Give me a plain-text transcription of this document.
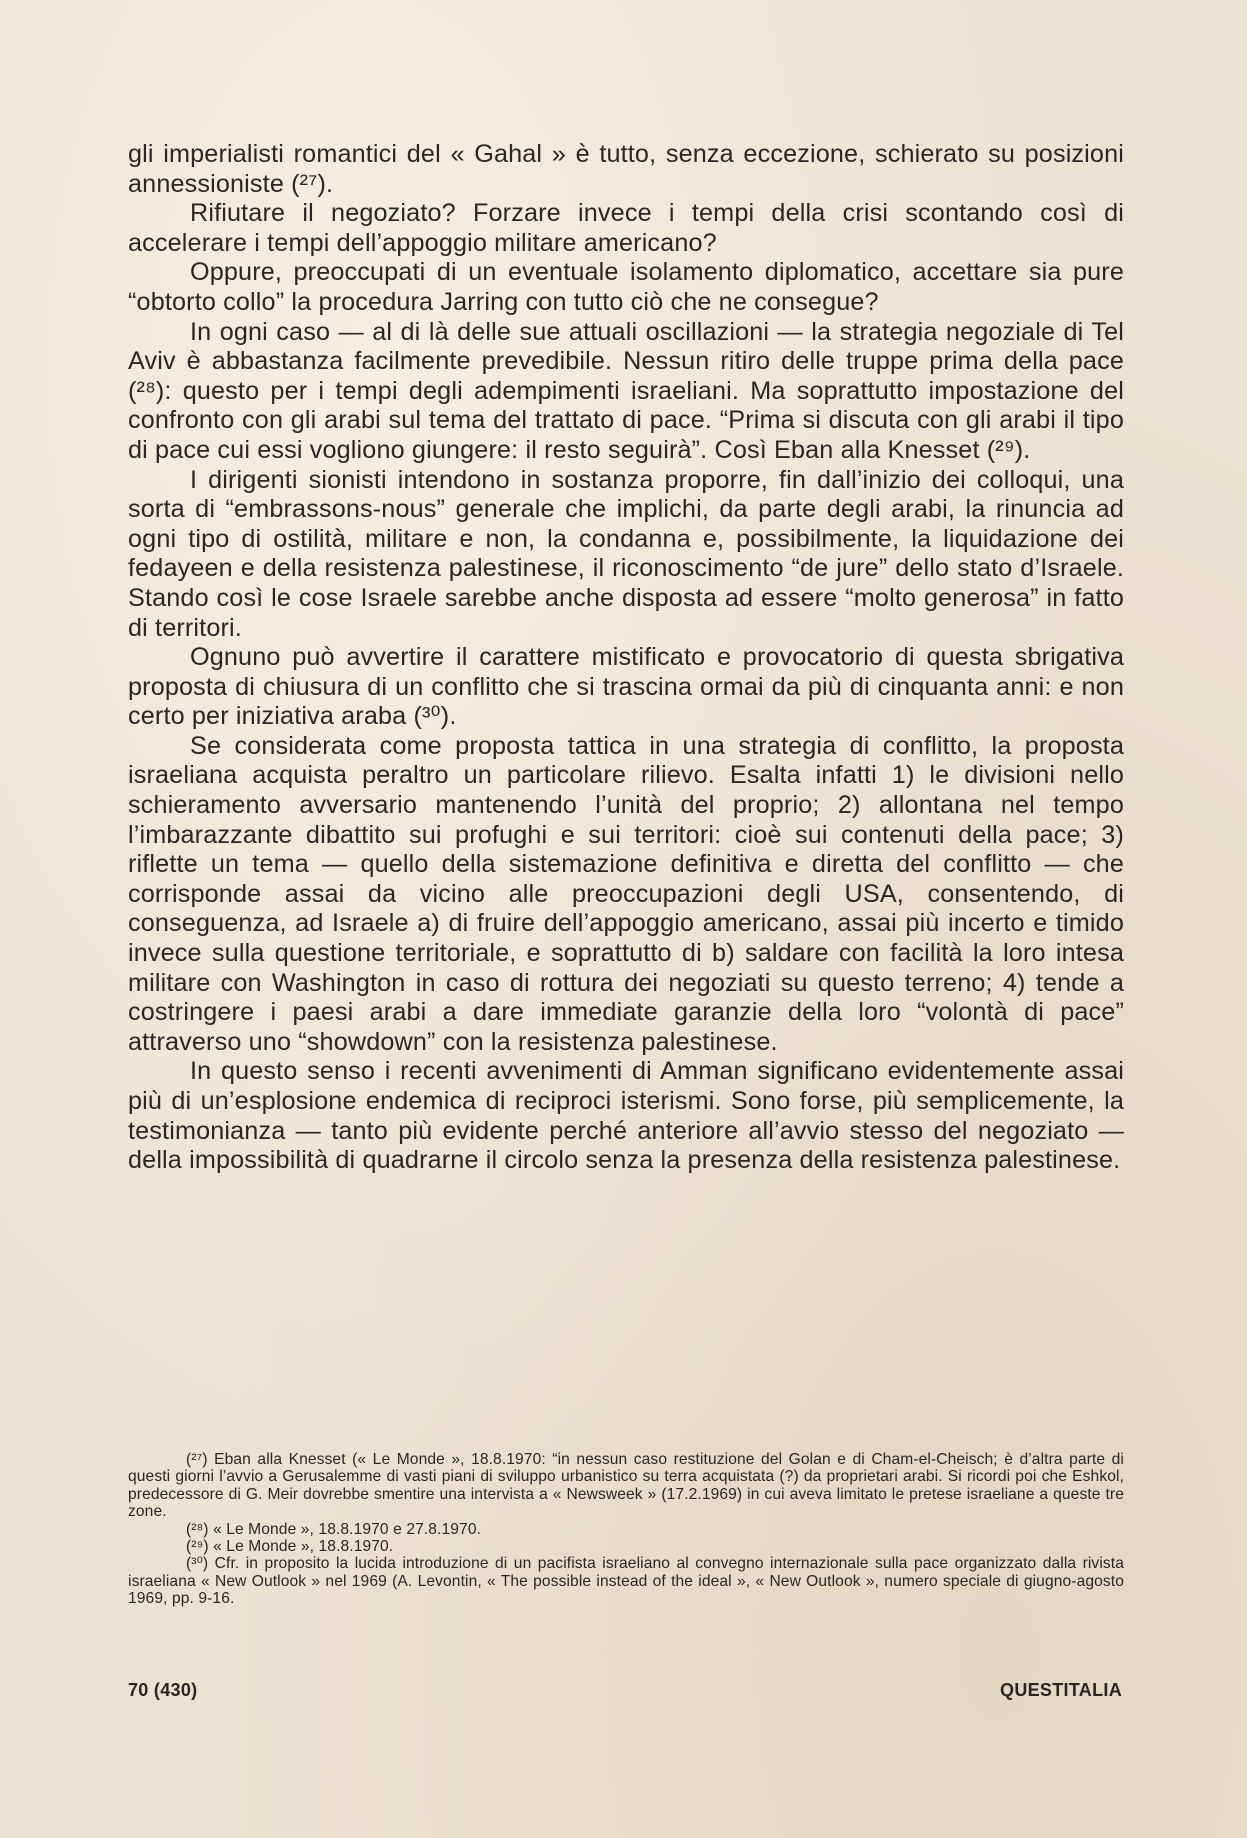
gli imperialisti romantici del « Gahal » è tutto, senza eccezione, schierato su posizioni annessioniste (²⁷).

Rifiutare il negoziato? Forzare invece i tempi della crisi scontando così di accelerare i tempi dell’appoggio militare americano?

Oppure, preoccupati di un eventuale isolamento diplomatico, accettare sia pure “obtorto collo” la procedura Jarring con tutto ciò che ne consegue?

In ogni caso — al di là delle sue attuali oscillazioni — la strategia negoziale di Tel Aviv è abbastanza facilmente prevedibile. Nessun ritiro delle truppe prima della pace (²⁸): questo per i tempi degli adempimenti israeliani. Ma soprattutto impostazione del confronto con gli arabi sul tema del trattato di pace. “Prima si discuta con gli arabi il tipo di pace cui essi vogliono giungere: il resto seguirà”. Così Eban alla Knesset (²⁹).

I dirigenti sionisti intendono in sostanza proporre, fin dall’inizio dei colloqui, una sorta di “embrassons-nous” generale che implichi, da parte degli arabi, la rinuncia ad ogni tipo di ostilità, militare e non, la condanna e, possibilmente, la liquidazione dei fedayeen e della resistenza palestinese, il riconoscimento “de jure” dello stato d’Israele. Stando così le cose Israele sarebbe anche disposta ad essere “molto generosa” in fatto di territori.

Ognuno può avvertire il carattere mistificato e provocatorio di questa sbrigativa proposta di chiusura di un conflitto che si trascina ormai da più di cinquanta anni: e non certo per iniziativa araba (³⁰).

Se considerata come proposta tattica in una strategia di conflitto, la proposta israeliana acquista peraltro un particolare rilievo. Esalta infatti 1) le divisioni nello schieramento avversario mantenendo l’unità del proprio; 2) allontana nel tempo l’imbarazzante dibattito sui profughi e sui territori: cioè sui contenuti della pace; 3) riflette un tema — quello della sistemazione definitiva e diretta del conflitto — che corrisponde assai da vicino alle preoccupazioni degli USA, consentendo, di conseguenza, ad Israele a) di fruire dell’appoggio americano, assai più incerto e timido invece sulla questione territoriale, e soprattutto di b) saldare con facilità la loro intesa militare con Washington in caso di rottura dei negoziati su questo terreno; 4) tende a costringere i paesi arabi a dare immediate garanzie della loro “volontà di pace” attraverso uno “showdown” con la resistenza palestinese.

In questo senso i recenti avvenimenti di Amman significano evidentemente assai più di un’esplosione endemica di reciproci isterismi. Sono forse, più semplicemente, la testimonianza — tanto più evidente perché anteriore all’avvio stesso del negoziato — della impossibilità di quadrarne il circolo senza la presenza della resistenza palestinese.

(²⁷) Eban alla Knesset (« Le Monde », 18.8.1970: “in nessun caso restituzione del Golan e di Cham-el-Cheisch; è d’altra parte di questi giorni l’avvio a Gerusalemme di vasti piani di sviluppo urbanistico su terra acquistata (?) da proprietari arabi. Si ricordi poi che Eshkol, predecessore di G. Meir dovrebbe smentire una intervista a « Newsweek » (17.2.1969) in cui aveva limitato le pretese israeliane a queste tre zone.

(²⁸) « Le Monde », 18.8.1970 e 27.8.1970.

(²⁹) « Le Monde », 18.8.1970.

(³⁰) Cfr. in proposito la lucida introduzione di un pacifista israeliano al convegno internazionale sulla pace organizzato dalla rivista israeliana « New Outlook » nel 1969 (A. Levontin, « The possible instead of the ideal », « New Outlook », numero speciale di giugno-agosto 1969, pp. 9-16.

70 (430)	QUESTITALIA
